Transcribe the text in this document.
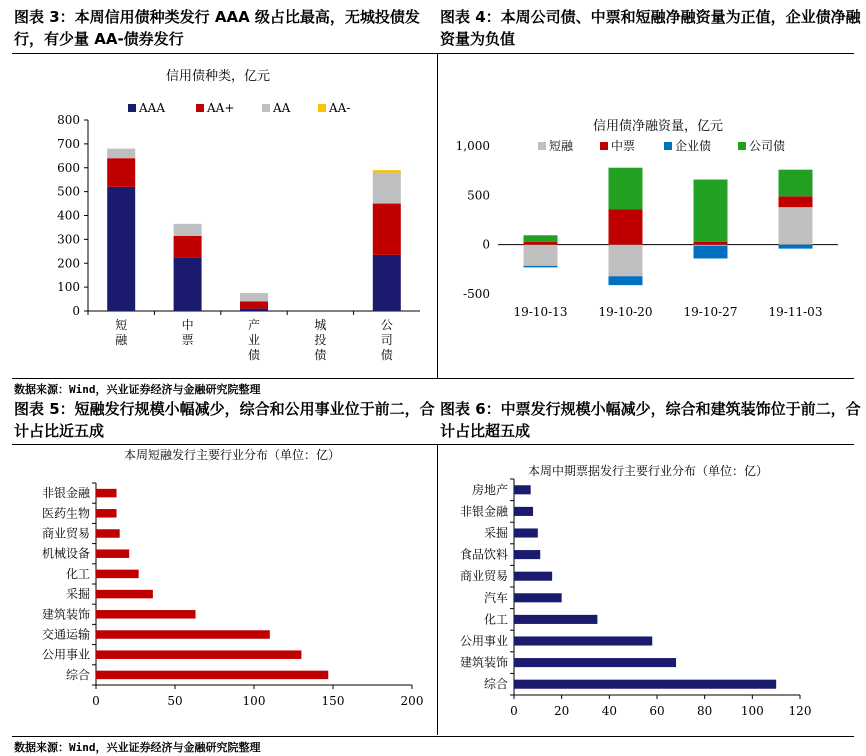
图表 3：本周信用债种类发行 AAA 级占比最高，无城投债发行，有少量 AA-债券发行
图表 4：本周公司债、中票和短融净融资量为正值，企业债净融资量为负值
数据来源：Wind，兴业证券经济与金融研究院整理
图表 5：短融发行规模小幅减少，综合和公用事业位于前二，合计占比近五成
图表 6：中票发行规模小幅减少，综合和建筑装饰位于前二，合计占比超五成
数据来源：Wind，兴业证券经济与金融研究院整理
信用债种类，亿元
AAA	AA+	AA	AA-
0
100
200
300
400
500
600
700
800
短
融
中
票
产
业
债
城
投
债
公
司
债
信用债净融资量，亿元
短融	中票	企业债	公司债
-500
0
500
1,000
19-10-13	19-10-20	19-10-27	19-11-03
本周短融发行主要行业分布（单位：亿）
0	50	100	150	200
综合
公用事业
交通运输
建筑装饰
采掘
化工
机械设备
商业贸易
医药生物
非银金融
本周中期票据发行主要行业分布（单位：亿）
0	20	40	60	80 100 120
综合
建筑装饰
公用事业
化工
汽车
商业贸易
食品饮料
采掘
非银金融
房地产
